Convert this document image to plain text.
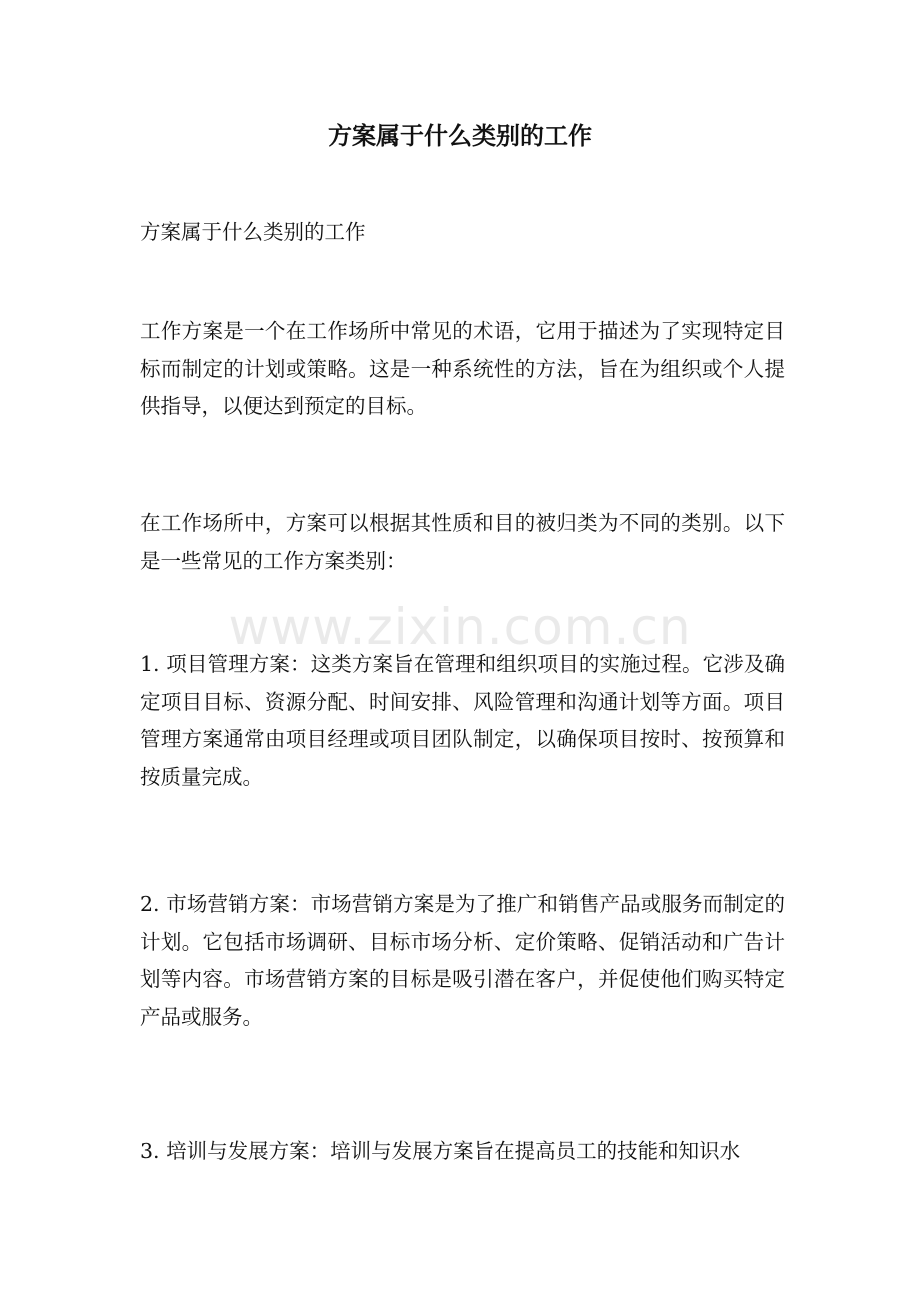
方案属于什么类别的工作
方案属于什么类别的工作
工作方案是一个在工作场所中常见的术语，它用于描述为了实现特定目标而制定的计划或策略。这是一种系统性的方法，旨在为组织或个人提供指导，以便达到预定的目标。
在工作场所中，方案可以根据其性质和目的被归类为不同的类别。以下是一些常见的工作方案类别：
1. 项目管理方案：这类方案旨在管理和组织项目的实施过程。它涉及确定项目目标、资源分配、时间安排、风险管理和沟通计划等方面。项目管理方案通常由项目经理或项目团队制定，以确保项目按时、按预算和按质量完成。
2. 市场营销方案：市场营销方案是为了推广和销售产品或服务而制定的计划。它包括市场调研、目标市场分析、定价策略、促销活动和广告计划等内容。市场营销方案的目标是吸引潜在客户，并促使他们购买特定产品或服务。
3. 培训与发展方案：培训与发展方案旨在提高员工的技能和知识水
www.zixin.com.cn
